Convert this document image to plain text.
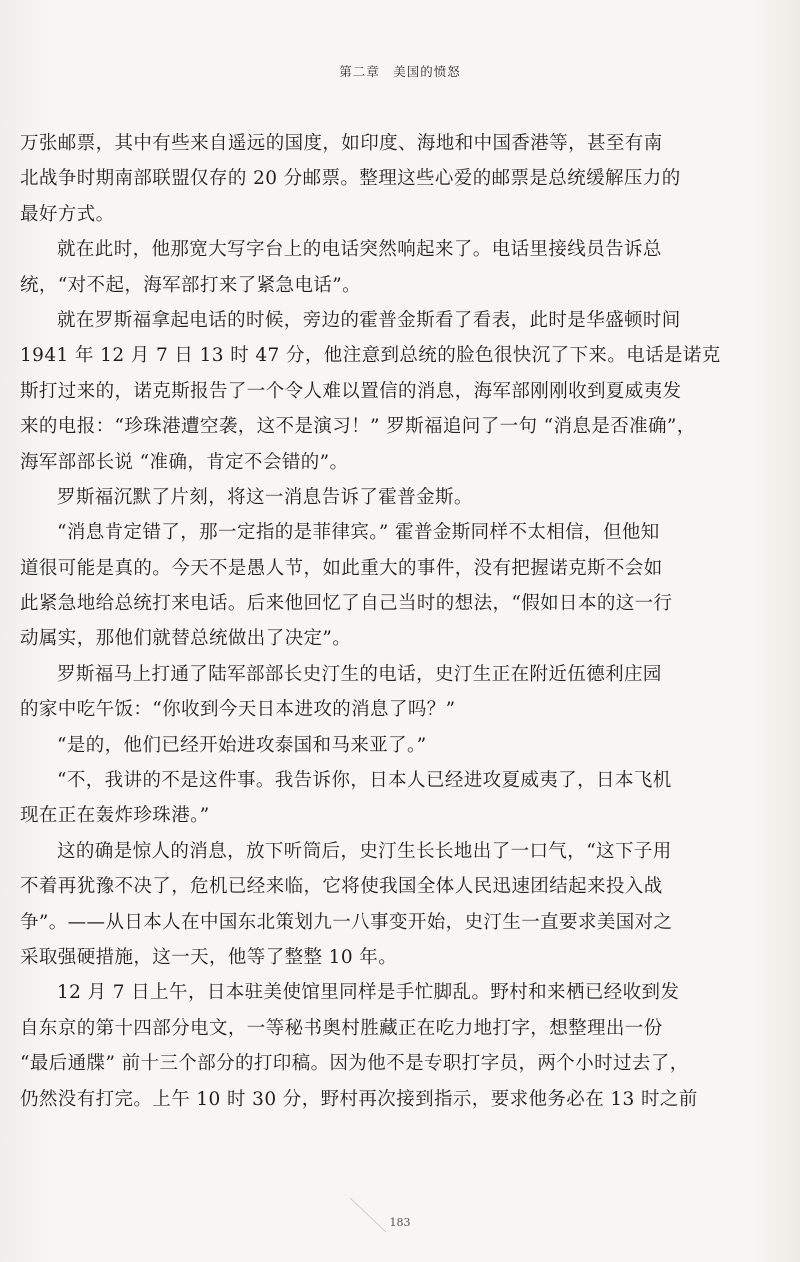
第二章　美国的愤怒
万张邮票，其中有些来自遥远的国度，如印度、海地和中国香港等，甚至有南
北战争时期南部联盟仅存的 20 分邮票。整理这些心爱的邮票是总统缓解压力的
最好方式。
就在此时，他那宽大写字台上的电话突然响起来了。电话里接线员告诉总
统，“对不起，海军部打来了紧急电话”。
就在罗斯福拿起电话的时候，旁边的霍普金斯看了看表，此时是华盛顿时间
1941 年 12 月 7 日 13 时 47 分，他注意到总统的脸色很快沉了下来。电话是诺克
斯打过来的，诺克斯报告了一个令人难以置信的消息，海军部刚刚收到夏威夷发
来的电报：“珍珠港遭空袭，这不是演习！” 罗斯福追问了一句 “消息是否准确”，
海军部部长说 “准确，肯定不会错的”。
罗斯福沉默了片刻，将这一消息告诉了霍普金斯。
“消息肯定错了，那一定指的是菲律宾。” 霍普金斯同样不太相信，但他知
道很可能是真的。今天不是愚人节，如此重大的事件，没有把握诺克斯不会如
此紧急地给总统打来电话。后来他回忆了自己当时的想法，“假如日本的这一行
动属实，那他们就替总统做出了决定”。
罗斯福马上打通了陆军部部长史汀生的电话，史汀生正在附近伍德利庄园
的家中吃午饭：“你收到今天日本进攻的消息了吗？”
“是的，他们已经开始进攻泰国和马来亚了。”
“不，我讲的不是这件事。我告诉你，日本人已经进攻夏威夷了，日本飞机
现在正在轰炸珍珠港。”
这的确是惊人的消息，放下听筒后，史汀生长长地出了一口气，“这下子用
不着再犹豫不决了，危机已经来临，它将使我国全体人民迅速团结起来投入战
争”。——从日本人在中国东北策划九一八事变开始，史汀生一直要求美国对之
采取强硬措施，这一天，他等了整整 10 年。
12 月 7 日上午，日本驻美使馆里同样是手忙脚乱。野村和来栖已经收到发
自东京的第十四部分电文，一等秘书奥村胜藏正在吃力地打字，想整理出一份
“最后通牒” 前十三个部分的打印稿。因为他不是专职打字员，两个小时过去了，
仍然没有打完。上午 10 时 30 分，野村再次接到指示，要求他务必在 13 时之前
183
